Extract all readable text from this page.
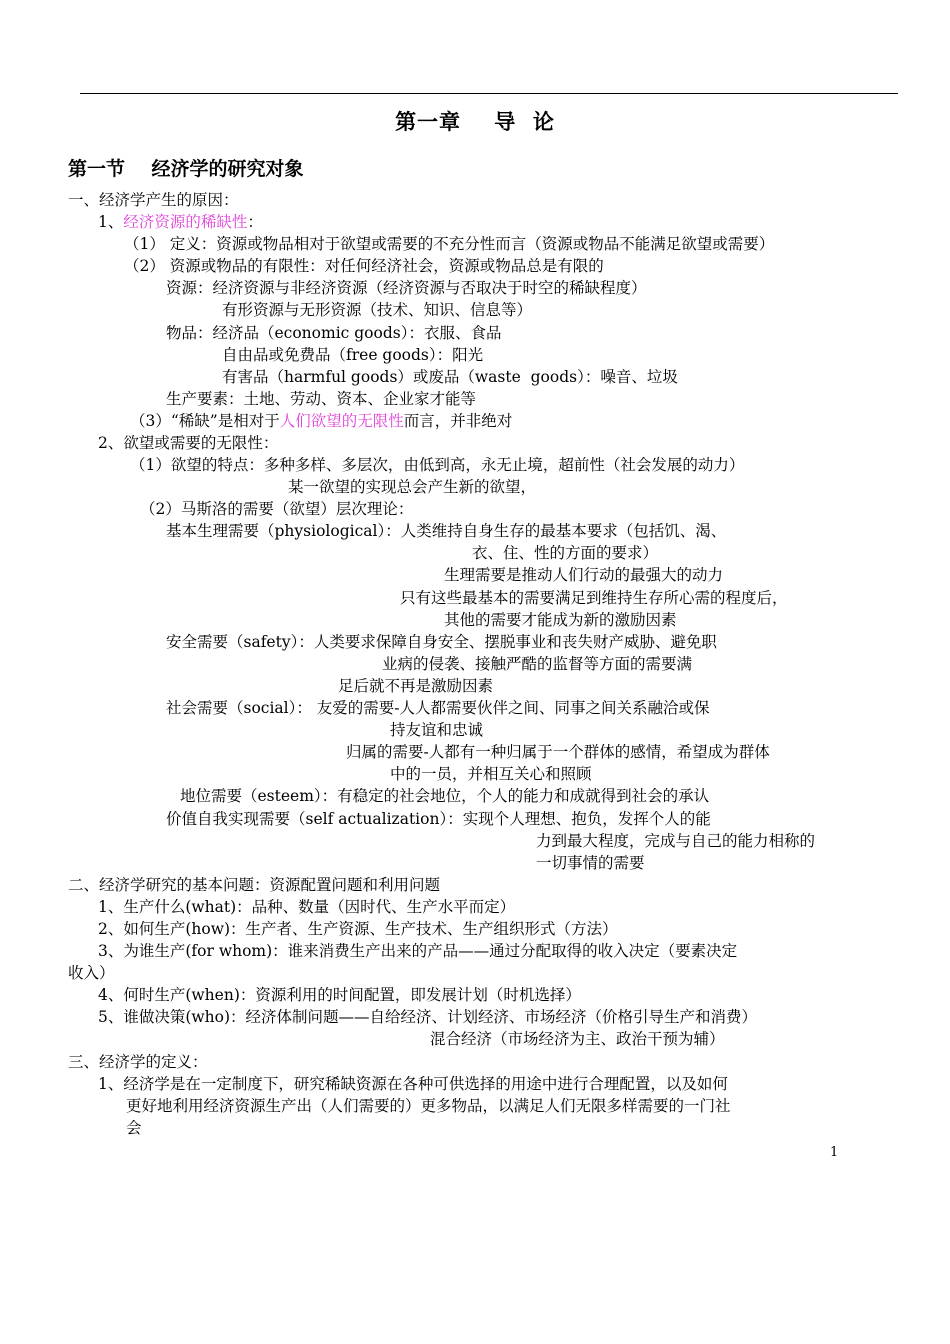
第一章    导  论
第一节    经济学的研究对象
一、经济学产生的原因：
1、经济资源的稀缺性：
（1） 定义：资源或物品相对于欲望或需要的不充分性而言（资源或物品不能满足欲望或需要）
（2） 资源或物品的有限性：对任何经济社会，资源或物品总是有限的
资源：经济资源与非经济资源（经济资源与否取决于时空的稀缺程度）
有形资源与无形资源（技术、知识、信息等）
物品：经济品（economic goods）：衣服、食品
自由品或免费品（free goods）：阳光
有害品（harmful goods）或废品（waste  goods）：噪音、垃圾
生产要素：土地、劳动、资本、企业家才能等
（3）“稀缺”是相对于人们欲望的无限性而言，并非绝对
2、欲望或需要的无限性：
（1）欲望的特点：多种多样、多层次，由低到高，永无止境，超前性（社会发展的动力）
某一欲望的实现总会产生新的欲望，
（2）马斯洛的需要（欲望）层次理论：
基本生理需要（physiological）：人类维持自身生存的最基本要求（包括饥、渴、
衣、住、性的方面的要求）
生理需要是推动人们行动的最强大的动力
只有这些最基本的需要满足到维持生存所心需的程度后，
其他的需要才能成为新的激励因素
安全需要（safety）：人类要求保障自身安全、摆脱事业和丧失财产威胁、避免职
业病的侵袭、接触严酷的监督等方面的需要满
足后就不再是激励因素
社会需要（social）： 友爱的需要-人人都需要伙伴之间、同事之间关系融洽或保
持友谊和忠诚
归属的需要-人都有一种归属于一个群体的感情，希望成为群体
中的一员，并相互关心和照顾
地位需要（esteem）：有稳定的社会地位，个人的能力和成就得到社会的承认
价值自我实现需要（self actualization）：实现个人理想、抱负，发挥个人的能
力到最大程度，完成与自己的能力相称的
一切事情的需要
二、经济学研究的基本问题：资源配置问题和利用问题
1、生产什么(what)：品种、数量（因时代、生产水平而定）
2、如何生产(how)：生产者、生产资源、生产技术、生产组织形式（方法）
3、为谁生产(for whom)：谁来消费生产出来的产品——通过分配取得的收入决定（要素决定
收入）
4、何时生产(when)：资源利用的时间配置，即发展计划（时机选择）
5、谁做决策(who)：经济体制问题——自给经济、计划经济、市场经济（价格引导生产和消费）
混合经济（市场经济为主、政治干预为辅）
三、经济学的定义：
1、经济学是在一定制度下，研究稀缺资源在各种可供选择的用途中进行合理配置，以及如何
更好地利用经济资源生产出（人们需要的）更多物品，以满足人们无限多样需要的一门社
会
1
